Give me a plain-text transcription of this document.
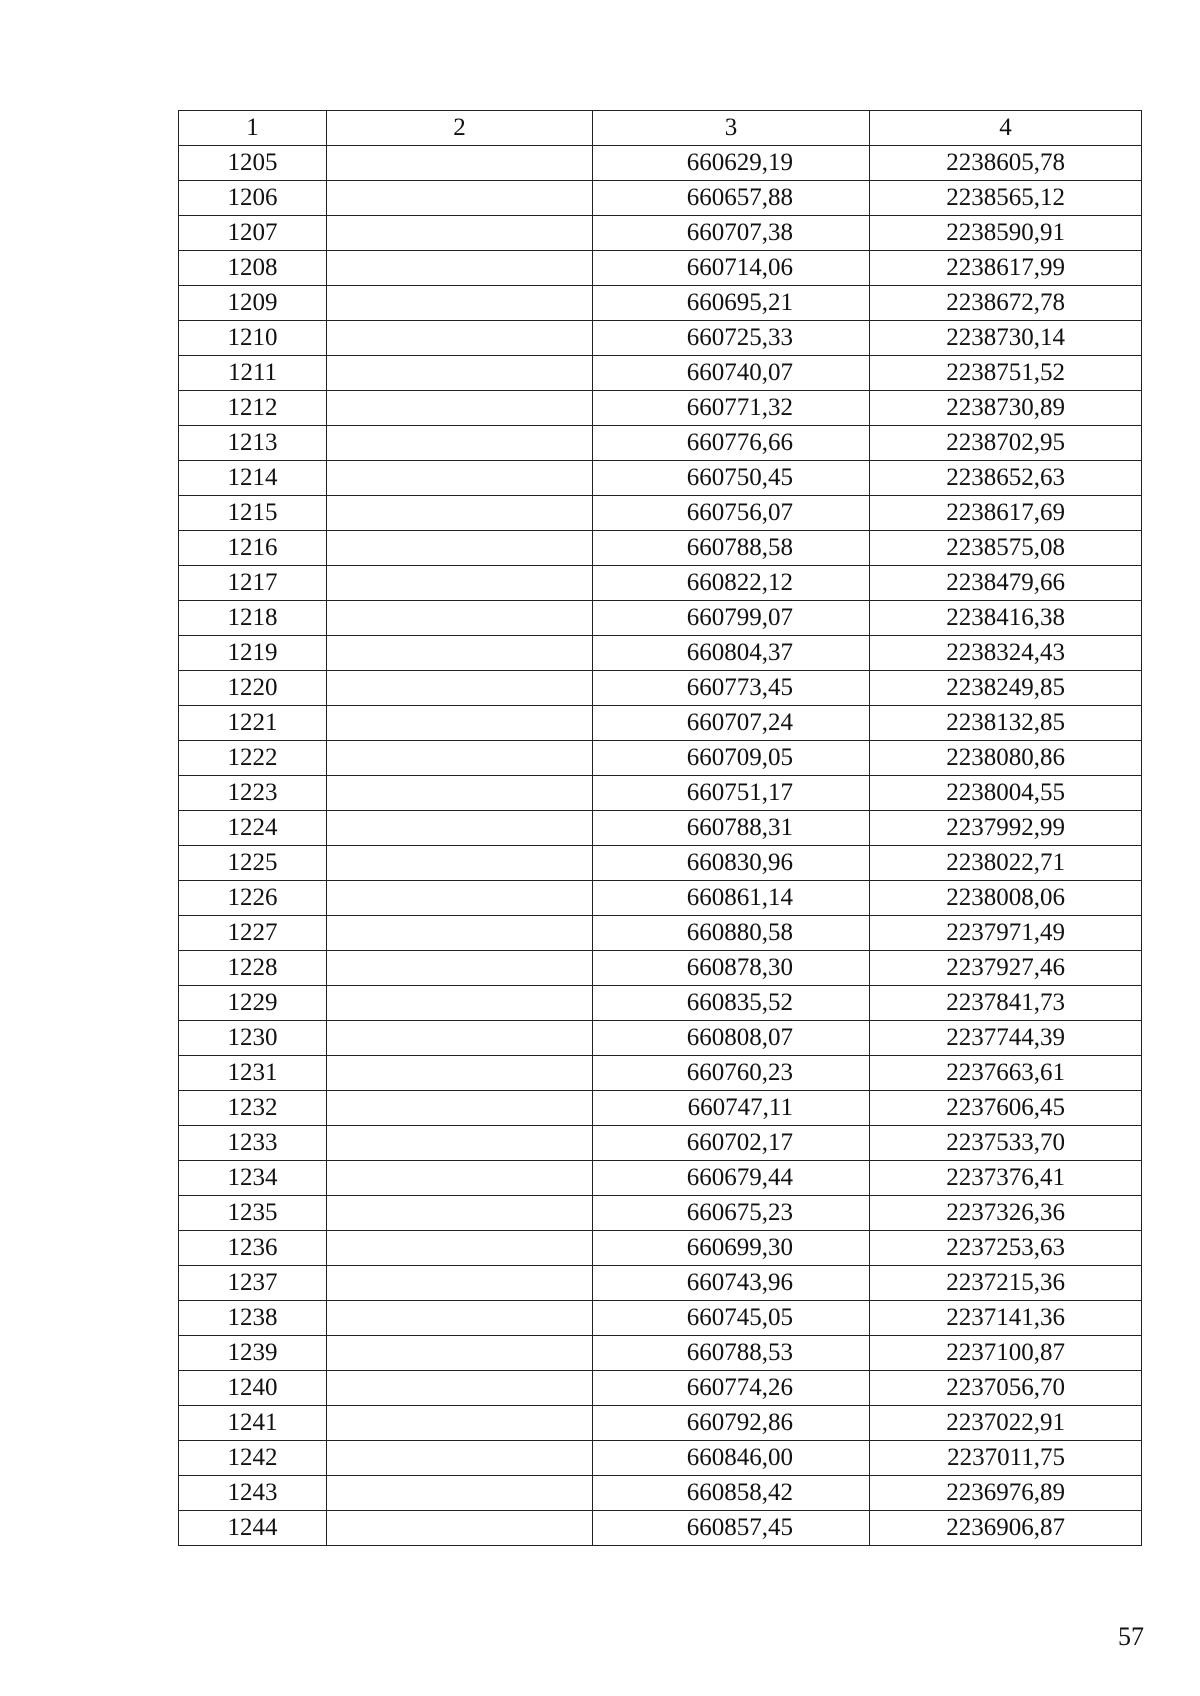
1	2	3	4
1205		660629,19	2238605,78
1206		660657,88	2238565,12
1207		660707,38	2238590,91
1208		660714,06	2238617,99
1209		660695,21	2238672,78
1210		660725,33	2238730,14
1211		660740,07	2238751,52
1212		660771,32	2238730,89
1213		660776,66	2238702,95
1214		660750,45	2238652,63
1215		660756,07	2238617,69
1216		660788,58	2238575,08
1217		660822,12	2238479,66
1218		660799,07	2238416,38
1219		660804,37	2238324,43
1220		660773,45	2238249,85
1221		660707,24	2238132,85
1222		660709,05	2238080,86
1223		660751,17	2238004,55
1224		660788,31	2237992,99
1225		660830,96	2238022,71
1226		660861,14	2238008,06
1227		660880,58	2237971,49
1228		660878,30	2237927,46
1229		660835,52	2237841,73
1230		660808,07	2237744,39
1231		660760,23	2237663,61
1232		660747,11	2237606,45
1233		660702,17	2237533,70
1234		660679,44	2237376,41
1235		660675,23	2237326,36
1236		660699,30	2237253,63
1237		660743,96	2237215,36
1238		660745,05	2237141,36
1239		660788,53	2237100,87
1240		660774,26	2237056,70
1241		660792,86	2237022,91
1242		660846,00	2237011,75
1243		660858,42	2236976,89
1244		660857,45	2236906,87
57
